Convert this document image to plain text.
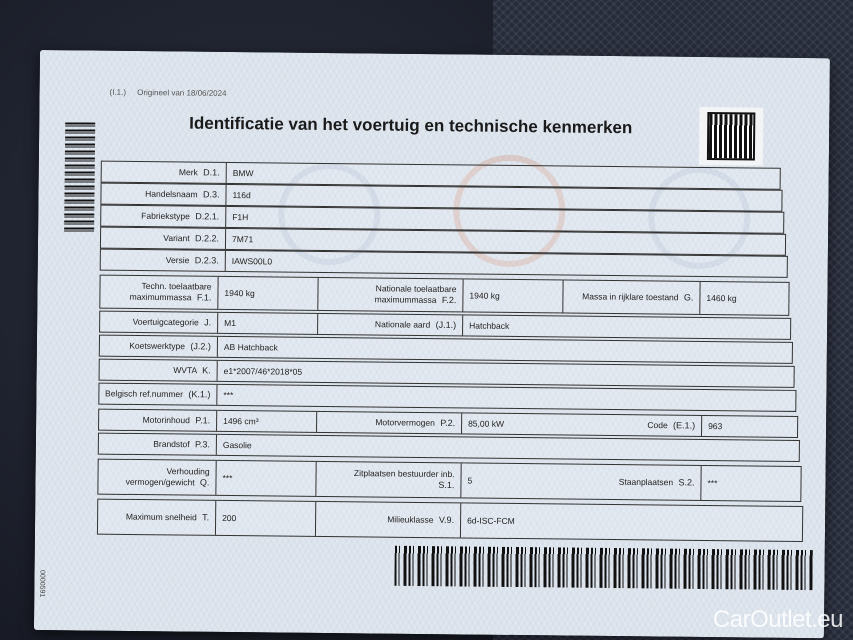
(I.1.) Origineel van 18/06/2024
Identificatie van het voertuig en technische kenmerken
Merk D.1. BMW
Handelsnaam D.3. 116d
Fabriekstype D.2.1. F1H
Variant D.2.2. 7M71
Versie D.2.3. IAWS00L0
Techn. toelaatbare maximummassa F.1. 1940 kg	Nationale toelaatbare maximummassa F.2. 1940 kg	Massa in rijklare toestand G. 1460 kg
Voertuigcategorie J. M1	Nationale aard (J.1.) Hatchback
Koetswerktype (J.2.) AB Hatchback
WVTA K. e1*2007/46*2018*05
Belgisch ref.nummer (K.1.) ***
Motorinhoud P.1. 1496 cm³	Motorvermogen P.2. 85,00 kW	Code (E.1.) 963
Brandstof P.3. Gasolie
Verhouding vermogen/gewicht Q. ***	Zitplaatsen bestuurder inb. S.1. 5	Staanplaatsen S.2. ***
Maximum snelheid T. 200	Milieuklasse V.9. 6d-ISC-FCM
0000591
CarOutlet.eu
